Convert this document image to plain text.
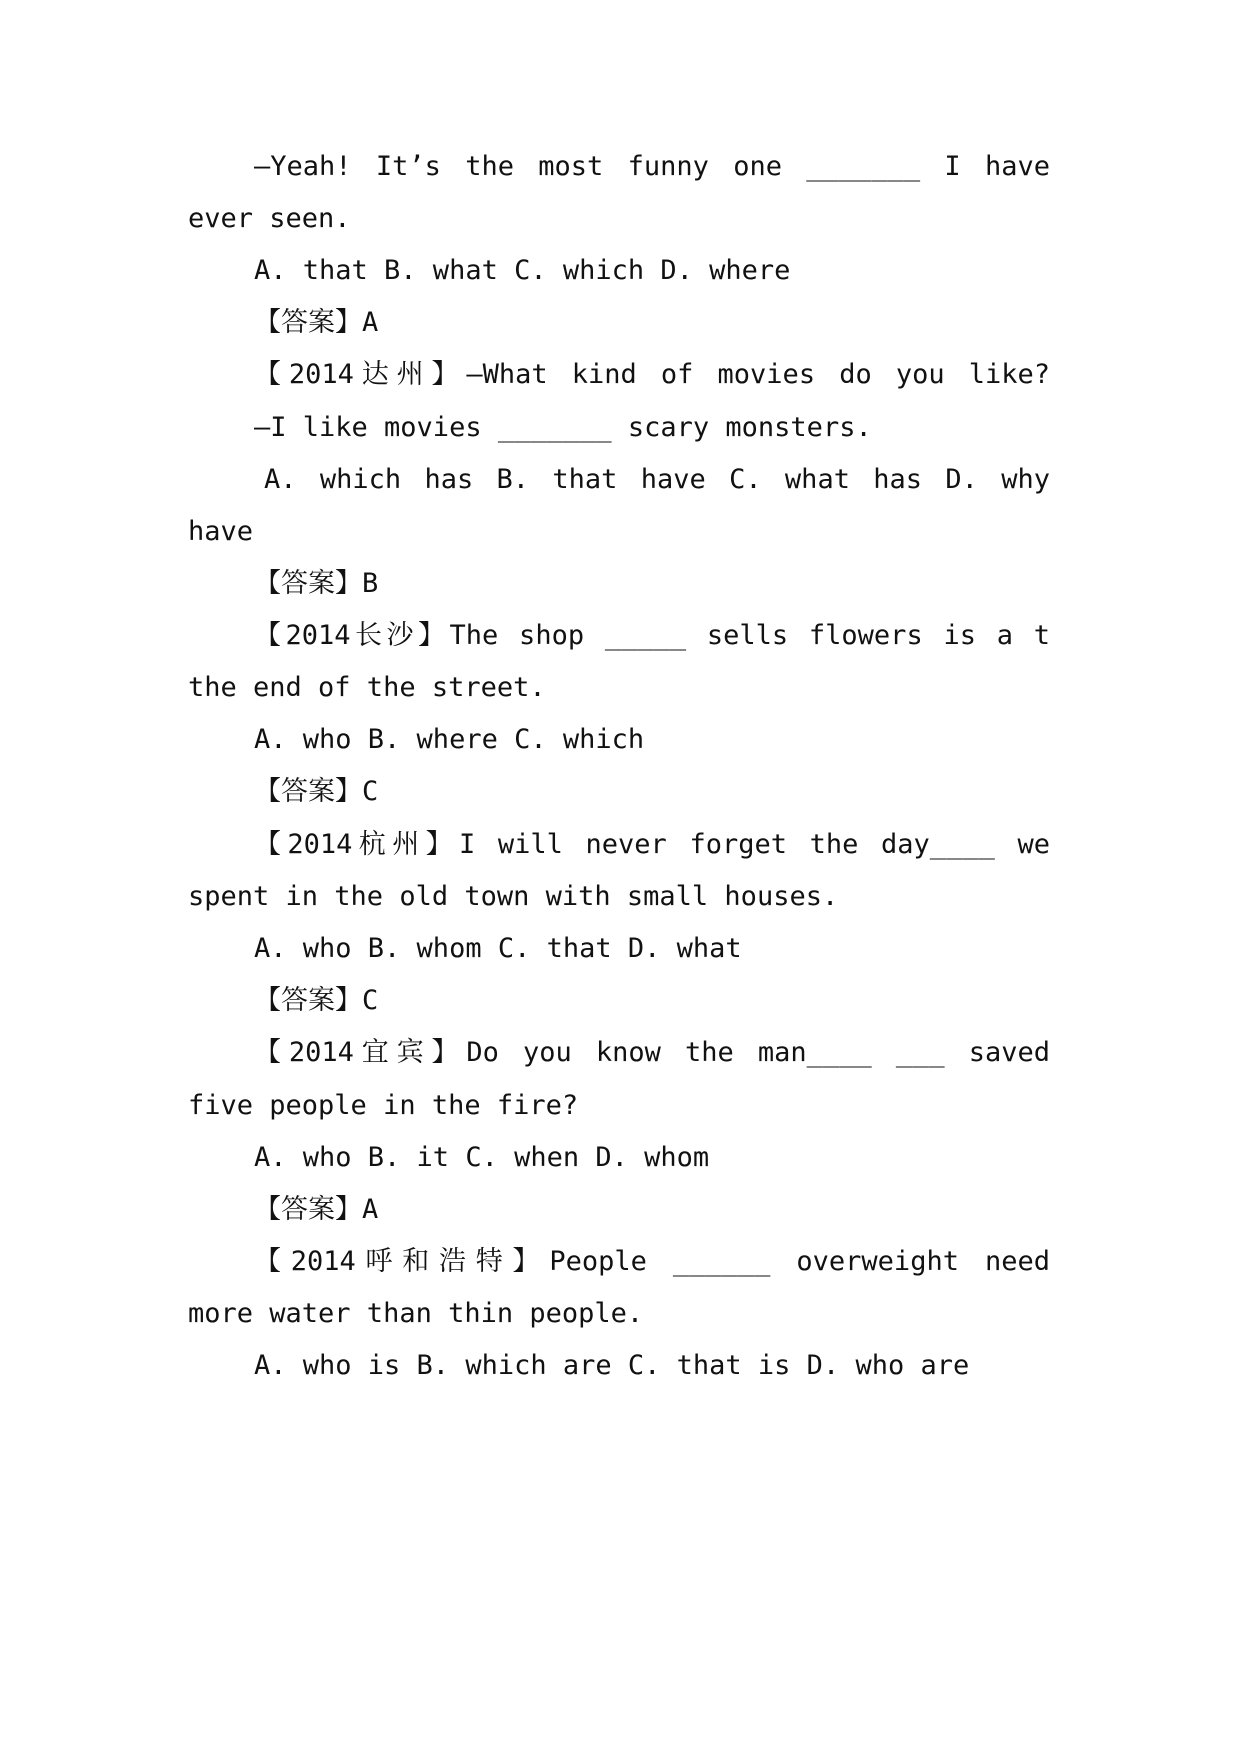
—Yeah! It’s the most funny one _______ I have
ever seen.
A. that B. what C. which D. where
【答案】A
【2014达州】—What kind of movies do you like?
—I like movies _______ scary monsters.
A. which has B. that have C. what has D. why
have
【答案】B
【2014长沙】The shop _____ sells flowers is a t
the end of the street.
A. who B. where C. which
【答案】C
【2014杭州】I will never forget the day____ we
spent in the old town with small houses.
A. who B. whom C. that D. what
【答案】C
【2014宜宾】Do you know the man____ ___ saved
five people in the fire?
A. who B. it C. when D. whom
【答案】A
【2014呼和浩特】People ______ overweight need
more water than thin people.
A. who is B. which are C. that is D. who are
